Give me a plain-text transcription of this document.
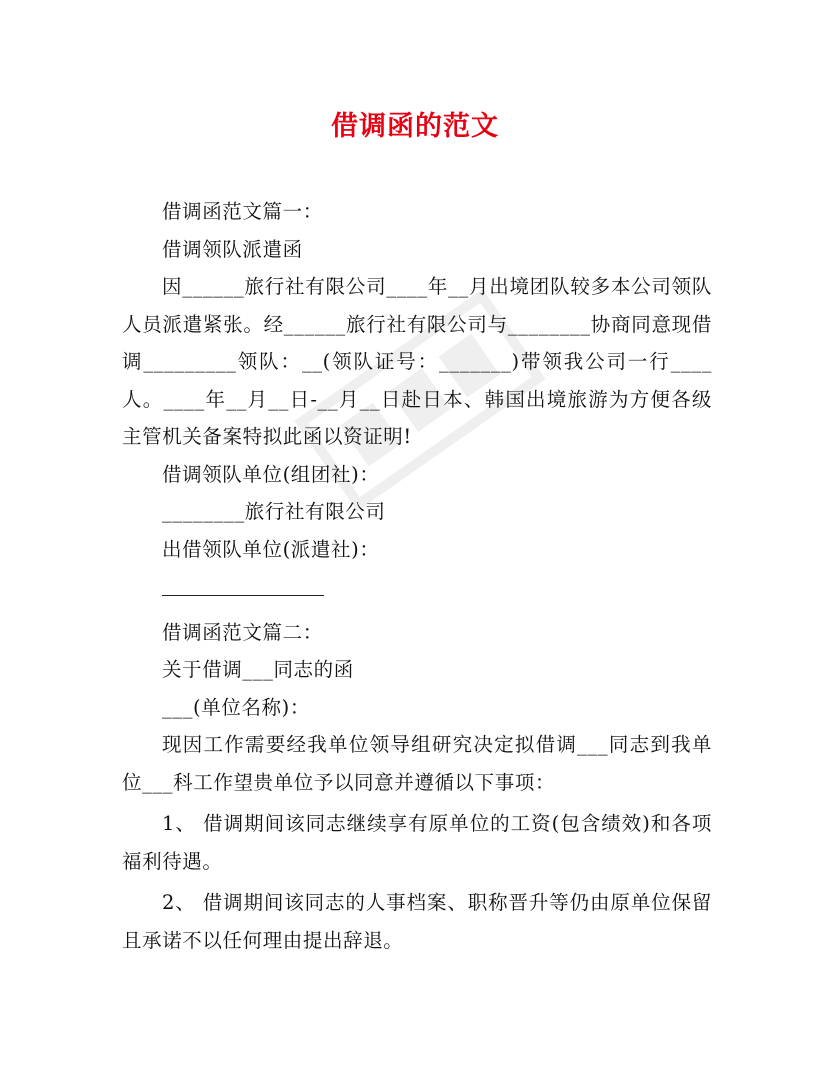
借调函的范文

借调函范文篇一：

借调领队派遣函

因______旅行社有限公司____年__月出境团队较多本公司领队人员派遣紧张。经______旅行社有限公司与________协商同意现借调_________领队：__(领队证号：_______)带领我公司一行____人。____年__月__日-__月__日赴日本、韩国出境旅游为方便各级主管机关备案特拟此函以资证明!

借调领队单位(组团社)：

________旅行社有限公司

出借领队单位(派遣社)：

借调函范文篇二：

关于借调___同志的函

___(单位名称)：

现因工作需要经我单位领导组研究决定拟借调___同志到我单位___科工作望贵单位予以同意并遵循以下事项：

1、 借调期间该同志继续享有原单位的工资(包含绩效)和各项福利待遇。

2、 借调期间该同志的人事档案、职称晋升等仍由原单位保留且承诺不以任何理由提出辞退。
